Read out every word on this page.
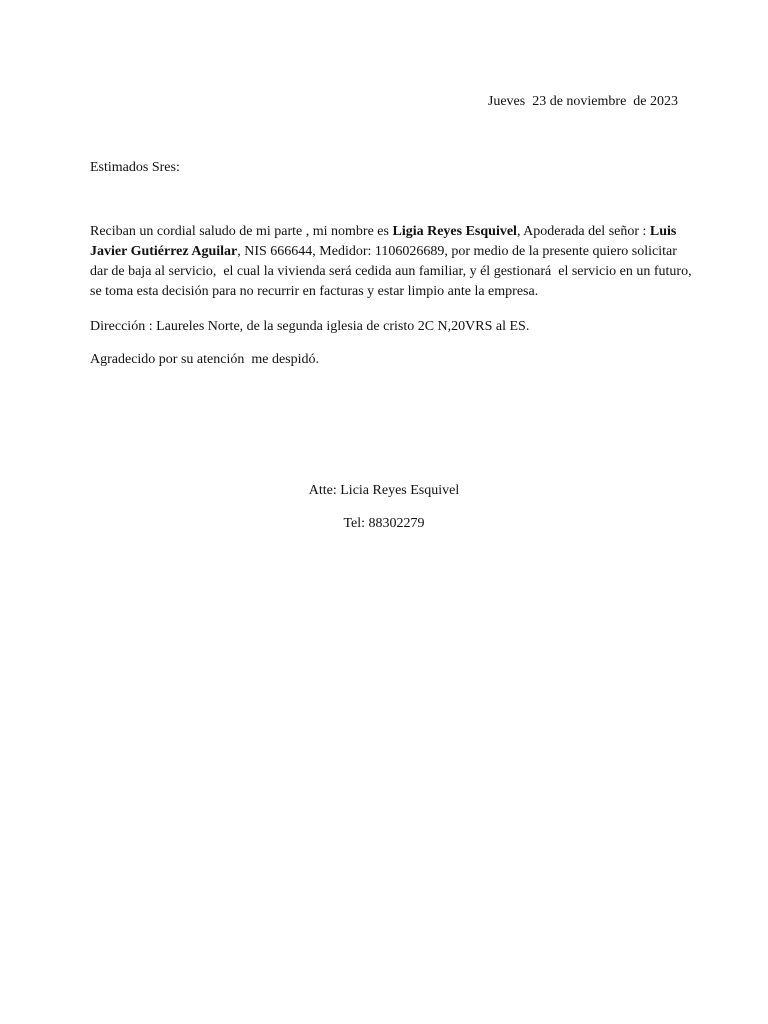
Jueves  23 de noviembre  de 2023
Estimados Sres:
Reciban un cordial saludo de mi parte , mi nombre es Ligia Reyes Esquivel, Apoderada del señor : Luis
Javier Gutiérrez Aguilar, NIS 666644, Medidor: 1106026689, por medio de la presente quiero solicitar
dar de baja al servicio,  el cual la vivienda será cedida aun familiar, y él gestionará  el servicio en un futuro,
se toma esta decisión para no recurrir en facturas y estar limpio ante la empresa.
Dirección : Laureles Norte, de la segunda iglesia de cristo 2C N,20VRS al ES.
Agradecido por su atención  me despidó.
Atte: Licia Reyes Esquivel
Tel: 88302279
